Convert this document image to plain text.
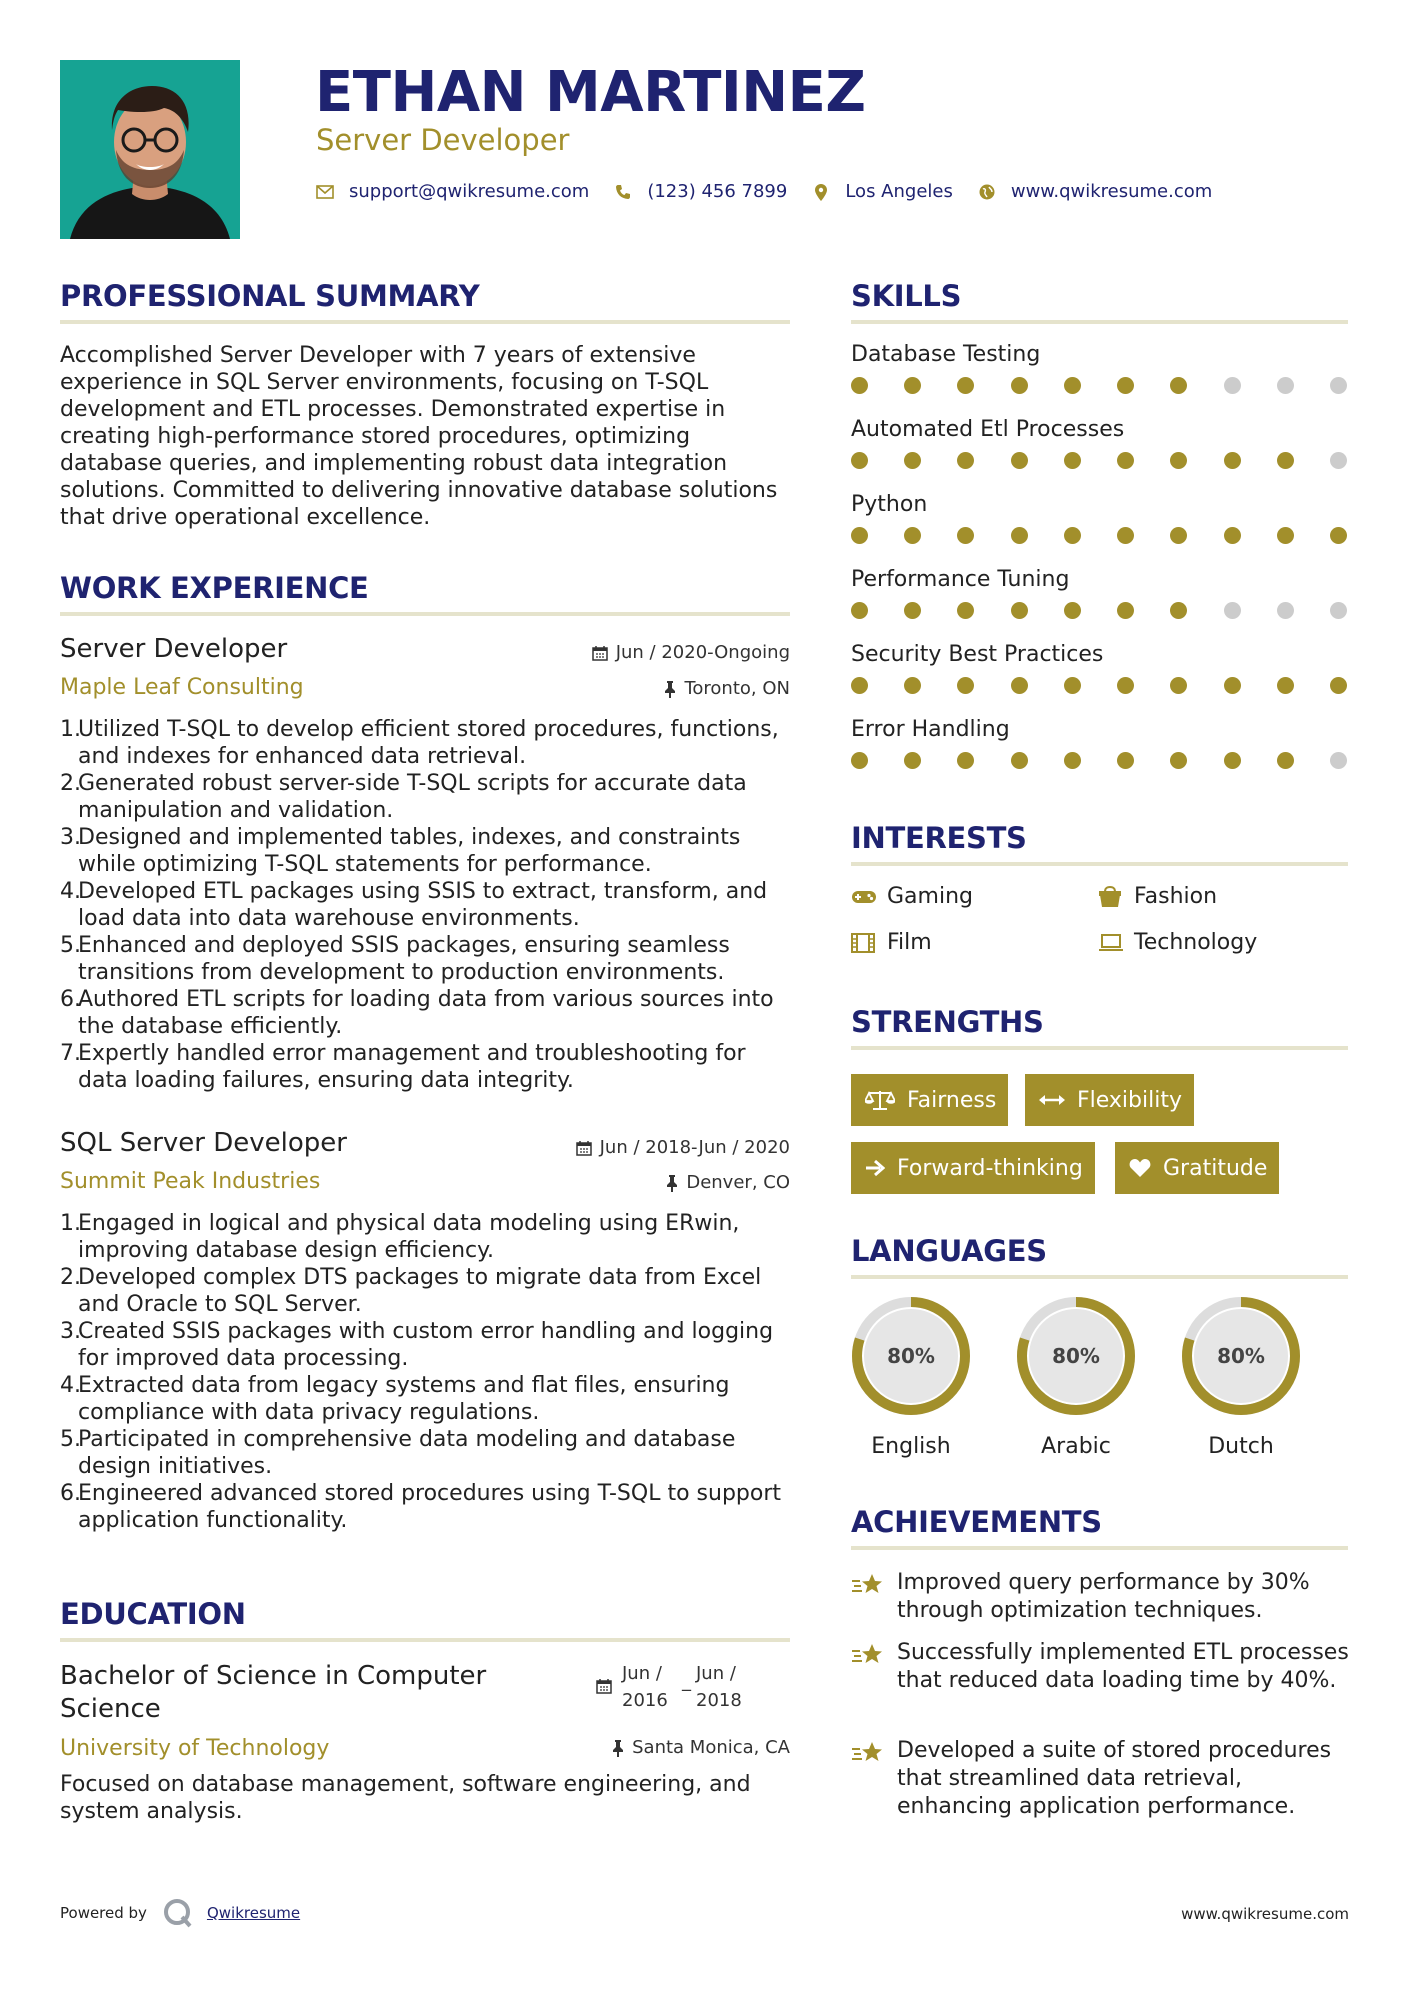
ETHAN MARTINEZ
Server Developer
support@qwikresume.com	(123) 456 7899	Los Angeles	www.qwikresume.com
PROFESSIONAL SUMMARY
Accomplished Server Developer with 7 years of extensive experience in SQL Server environments, focusing on T-SQL development and ETL processes. Demonstrated expertise in creating high-performance stored procedures, optimizing database queries, and implementing robust data integration solutions. Committed to delivering innovative database solutions that drive operational excellence.
WORK EXPERIENCE
Server Developer	Jun / 2020-Ongoing
Maple Leaf Consulting	Toronto, ON
1.
Utilized T-SQL to develop efficient stored procedures, functions, and indexes for enhanced data retrieval.
2.
Generated robust server-side T-SQL scripts for accurate data manipulation and validation.
3.
Designed and implemented tables, indexes, and constraints while optimizing T-SQL statements for performance.
4.
Developed ETL packages using SSIS to extract, transform, and load data into data warehouse environments.
5.
Enhanced and deployed SSIS packages, ensuring seamless transitions from development to production environments.
6.
Authored ETL scripts for loading data from various sources into the database efficiently.
7.
Expertly handled error management and troubleshooting for data loading failures, ensuring data integrity.
SQL Server Developer	Jun / 2018-Jun / 2020
Summit Peak Industries	Denver, CO
1.
Engaged in logical and physical data modeling using ERwin, improving database design efficiency.
2.
Developed complex DTS packages to migrate data from Excel and Oracle to SQL Server.
3.
Created SSIS packages with custom error handling and logging for improved data processing.
4.
Extracted data from legacy systems and flat files, ensuring compliance with data privacy regulations.
5.
Participated in comprehensive data modeling and database design initiatives.
6.
Engineered advanced stored procedures using T-SQL to support application functionality.
EDUCATION
Bachelor of Science in Computer Science
Jun /
2016
_ Jun /
2018
University of Technology	Santa Monica, CA
Focused on database management, software engineering, and system analysis.
SKILLS
Database Testing
Automated Etl Processes
Python
Performance Tuning
Security Best Practices
Error Handling
INTERESTS
Gaming	Fashion
Film	Technology
STRENGTHS
Fairness	Flexibility
Forward-thinking	Gratitude
LANGUAGES
80%
English
80%
Arabic
80%
Dutch
ACHIEVEMENTS
Improved query performance by 30% through optimization techniques.
Successfully implemented ETL processes that reduced data loading time by 40%.
Developed a suite of stored procedures that streamlined data retrieval, enhancing application performance.
Powered by	Qwikresume	www.qwikresume.com
